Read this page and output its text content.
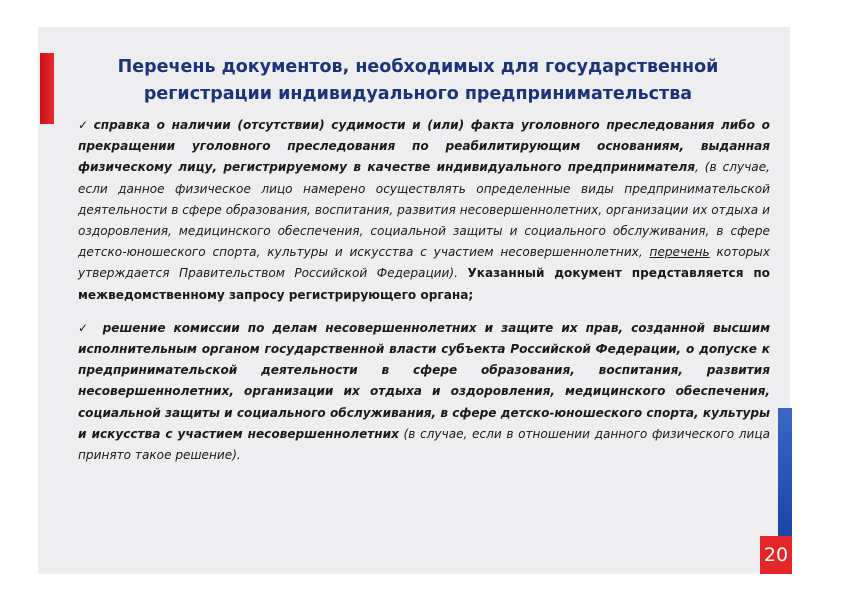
20
Перечень документов, необходимых для государственной регистрации индивидуального предпринимательства

✓ справка о наличии (отсутствии) судимости и (или) факта уголовного преследования либо о прекращении уголовного преследования по реабилитирующим основаниям, выданная физическому лицу, регистрируемому в качестве индивидуального предпринимателя, (в случае, если данное физическое лицо намерено осуществлять определенные виды предпринимательской деятельности в сфере образования, воспитания, развития несовершеннолетних, организации их отдыха и оздоровления, медицинского обеспечения, социальной защиты и социального обслуживания, в сфере детско-юношеского спорта, культуры и искусства с участием несовершеннолетних, перечень которых утверждается Правительством Российской Федерации). Указанный документ представляется по межведомственному запросу регистрирующего органа;

✓ решение комиссии по делам несовершеннолетних и защите их прав, созданной высшим исполнительным органом государственной власти субъекта Российской Федерации, о допуске к предпринимательской деятельности в сфере образования, воспитания, развития несовершеннолетних, организации их отдыха и оздоровления, медицинского обеспечения, социальной защиты и социального обслуживания, в сфере детско-юношеского спорта, культуры и искусства с участием несовершеннолетних (в случае, если в отношении данного физического лица принято такое решение).
